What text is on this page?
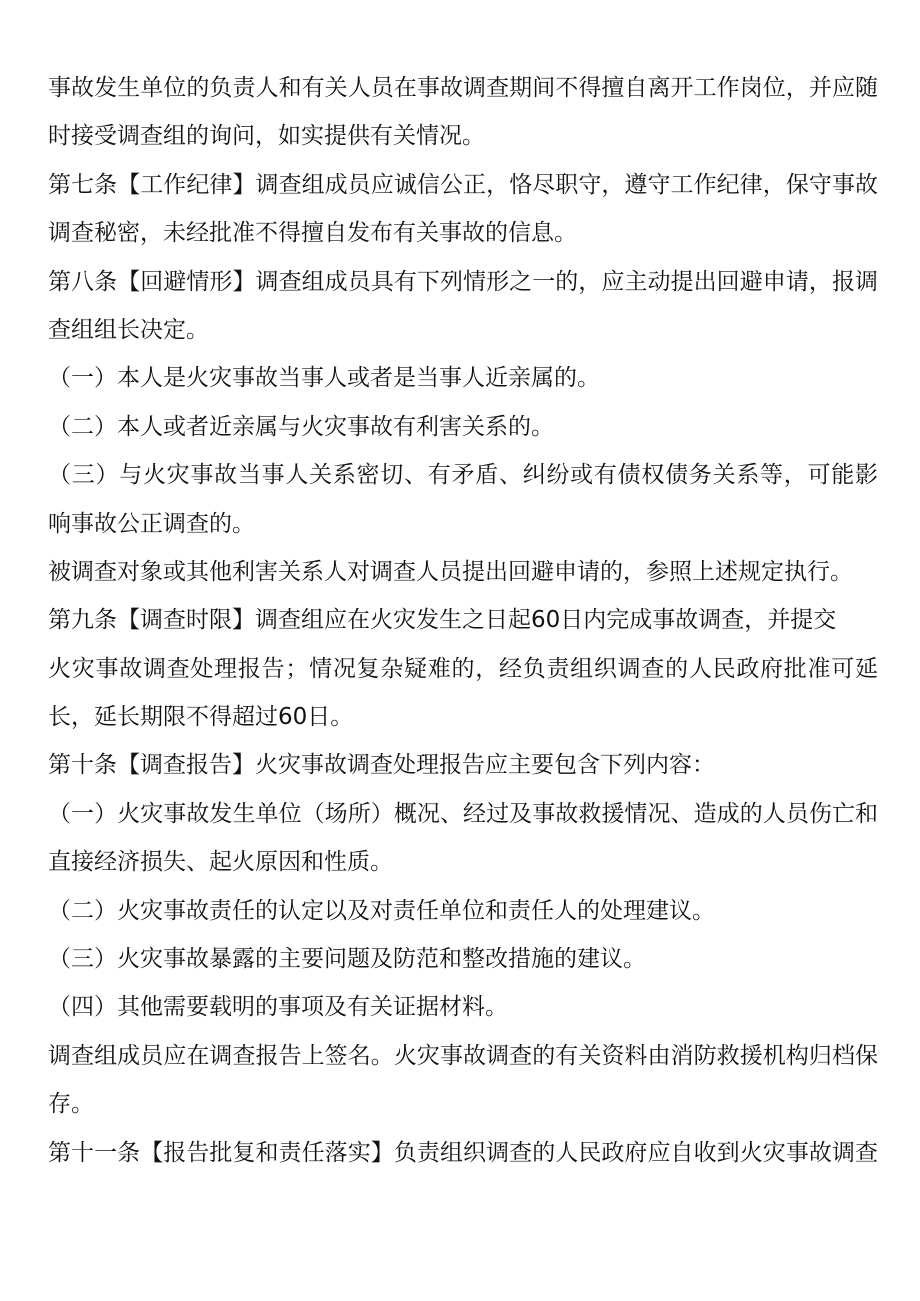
事故发生单位的负责人和有关人员在事故调查期间不得擅自离开工作岗位，并应随
时接受调查组的询问，如实提供有关情况。
第七条【工作纪律】调查组成员应诚信公正，恪尽职守，遵守工作纪律，保守事故
调查秘密，未经批准不得擅自发布有关事故的信息。
第八条【回避情形】调查组成员具有下列情形之一的，应主动提出回避申请，报调
查组组长决定。
（一）本人是火灾事故当事人或者是当事人近亲属的。
（二）本人或者近亲属与火灾事故有利害关系的。
（三）与火灾事故当事人关系密切、有矛盾、纠纷或有债权债务关系等，可能影
响事故公正调查的。
被调查对象或其他利害关系人对调查人员提出回避申请的，参照上述规定执行。
第九条【调查时限】调查组应在火灾发生之日起60日内完成事故调查，并提交
火灾事故调查处理报告；情况复杂疑难的，经负责组织调查的人民政府批准可延
长，延长期限不得超过60日。
第十条【调查报告】火灾事故调查处理报告应主要包含下列内容：
（一）火灾事故发生单位（场所）概况、经过及事故救援情况、造成的人员伤亡和
直接经济损失、起火原因和性质。
（二）火灾事故责任的认定以及对责任单位和责任人的处理建议。
（三）火灾事故暴露的主要问题及防范和整改措施的建议。
（四）其他需要载明的事项及有关证据材料。
调查组成员应在调查报告上签名。火灾事故调查的有关资料由消防救援机构归档保
存。
第十一条【报告批复和责任落实】负责组织调查的人民政府应自收到火灾事故调查
